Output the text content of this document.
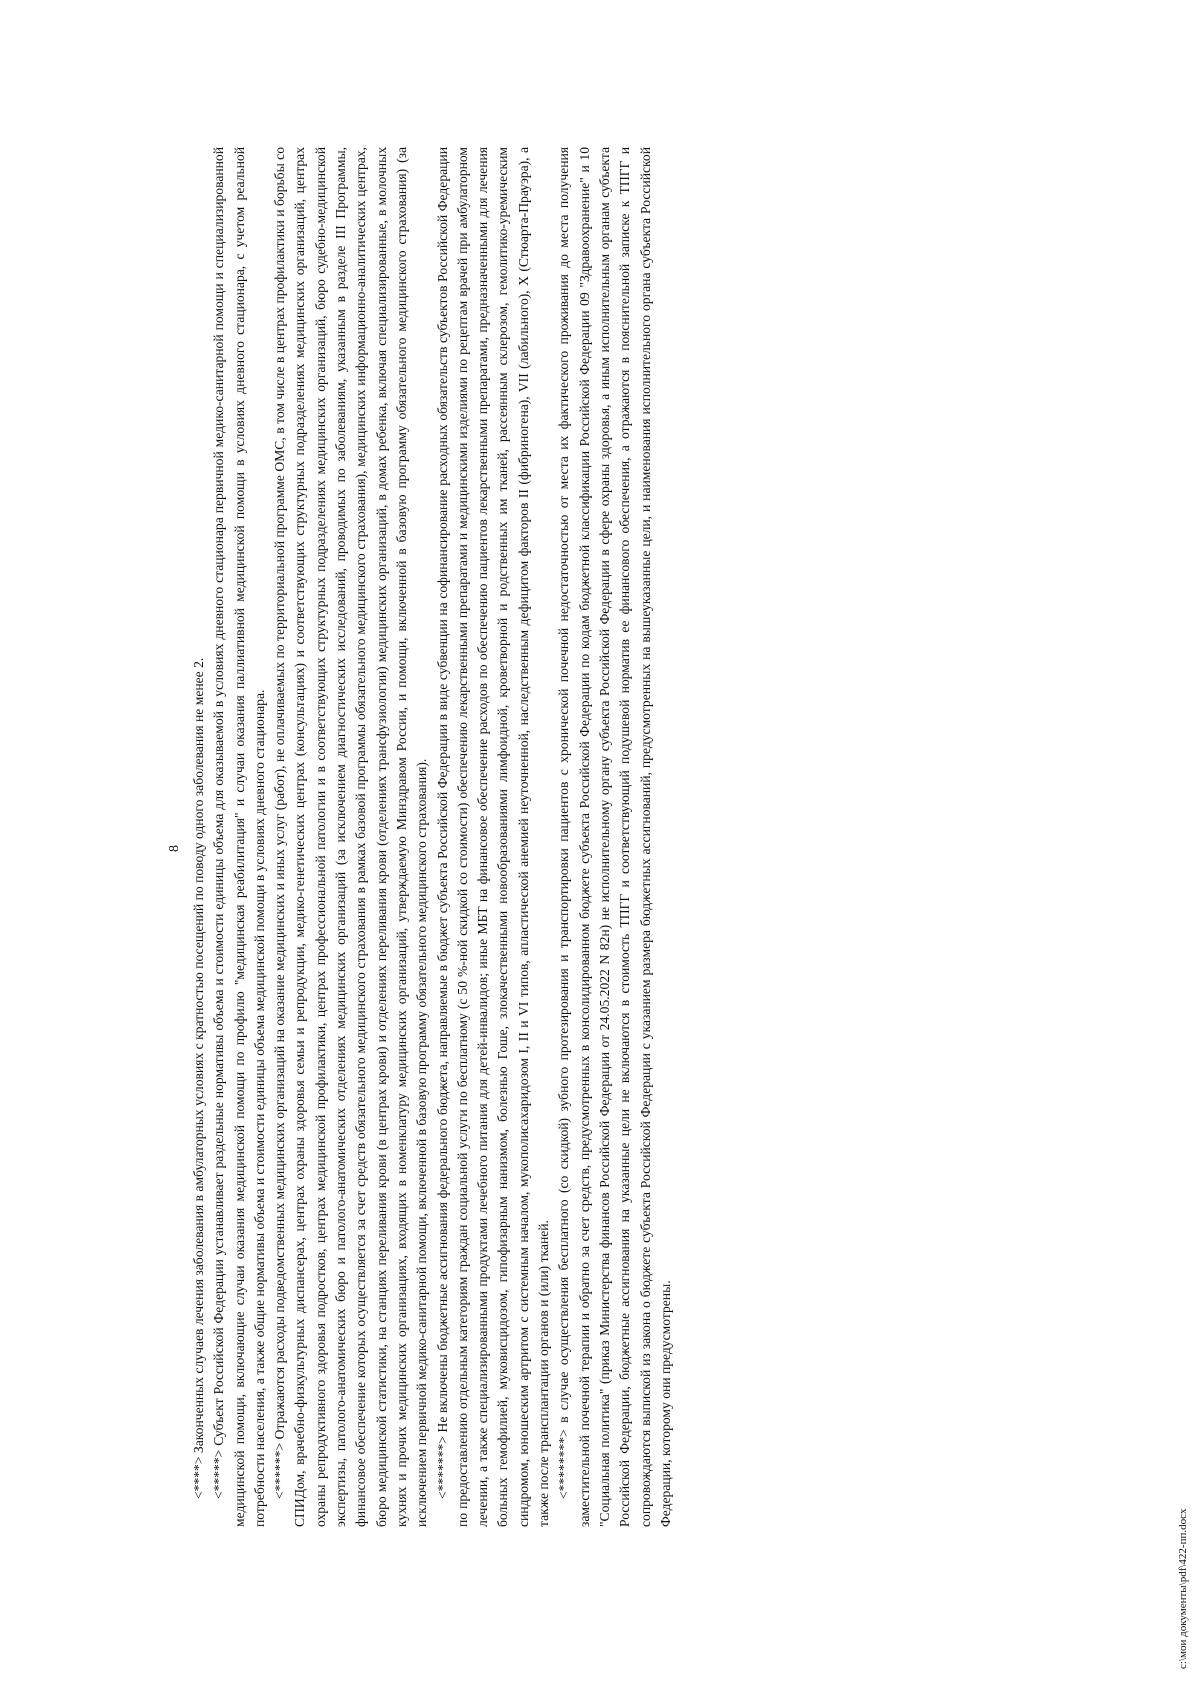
8 <****> Законченных случаев лечения заболевания в амбулаторных условиях с кратностью посещений по поводу одного заболевания не менее 2. <*****> Субъект Российской Федерации устанавливает раздельные нормативы объема и стоимости единицы объема для оказываемой в условиях дневного стационара первичной медико-санитарной помощи и специализированной медицинской помощи, включающие случаи оказания медицинской помощи по профилю "медицинская реабилитация" и случаи оказания паллиативной медицинской помощи в условиях дневного стационара, с учетом реальной потребности населения, а также общие нормативы объема и стоимости единицы объема медицинской помощи в условиях дневного стационара. <******> Отражаются расходы подведомственных медицинских организаций на оказание медицинских и иных услуг (работ), не оплачиваемых по территориальной программе ОМС, в том числе в центрах профилактики и борьбы со СПИДом, врачебно-физкультурных диспансерах, центрах охраны здоровья семьи и репродукции, медико-генетических центрах (консультациях) и соответствующих структурных подразделениях медицинских организаций, центрах охраны репродуктивного здоровья подростков, центрах медицинской профилактики, центрах профессиональной патологии и в соответствующих структурных подразделениях медицинских организаций, бюро судебно-медицинской экспертизы, патолого-анатомических бюро и патолого-анатомических отделениях медицинских организаций (за исключением диагностических исследований, проводимых по заболеваниям, указанным в разделе III Программы, финансовое обеспечение которых осуществляется за счет средств обязательного медицинского страхования в рамках базовой программы обязательного медицинского страхования), медицинских информационно-аналитических центрах, бюро медицинской статистики, на станциях переливания крови (в центрах крови) и отделениях переливания крови (отделениях трансфузиологии) медицинских организаций, в домах ребенка, включая специализированные, в молочных кухнях и прочих медицинских организациях, входящих в номенклатуру медицинских организаций, утверждаемую Минздравом России, и помощи, включенной в базовую программу обязательного медицинского страхования) (за исключением первичной медико-санитарной помощи, включенной в базовую программу обязательного медицинского страхования). <*******> Не включены бюджетные ассигнования федерального бюджета, направляемые в бюджет субъекта Российской Федерации в виде субвенции на софинансирование расходных обязательств субъектов Российской Федерации по предоставлению отдельным категориям граждан социальной услуги по бесплатному (с 50 %-ной скидкой со стоимости) обеспечению лекарственными препаратами и медицинскими изделиями по рецептам врачей при амбулаторном лечении, а также специализированными продуктами лечебного питания для детей-инвалидов; иные МБТ на финансовое обеспечение расходов по обеспечению пациентов лекарственными препаратами, предназначенными для лечения больных гемофилией, муковисцидозом, гипофизарным нанизмом, болезнью Гоше, злокачественными новообразованиями лимфоидной, кроветворной и родственных им тканей, рассеянным склерозом, гемолитико-уремическим синдромом, юношеским артритом с системным началом, мукополисахаридозом I, II и VI типов, апластической анемией неуточненной, наследственным дефицитом факторов II (фибриногена), VII (лабильного), X (Стюарта-Прауэра), а также после трансплантации органов и (или) тканей. <********> в случае осуществления бесплатного (со скидкой) зубного протезирования и транспортировки пациентов с хронической почечной недостаточностью от места их фактического проживания до места получения заместительной почечной терапии и обратно за счет средств, предусмотренных в консолидированном бюджете субъекта Российской Федерации по кодам бюджетной классификации Российской Федерации 09 "Здравоохранение" и 10 "Социальная политика" (приказ Министерства финансов Российской Федерации от 24.05.2022 N 82н) не исполнительному органу субъекта Российской Федерации в сфере охраны здоровья, а иным исполнительным органам субъекта Российской Федерации, бюджетные ассигнования на указанные цели не включаются в стоимость ТПГГ и соответствующий подушевой норматив ее финансового обеспечения, а отражаются в пояснительной записке к ТПГГ и сопровождаются выпиской из закона о бюджете субъекта Российской Федерации с указанием размера бюджетных ассигнований, предусмотренных на вышеуказанные цели, и наименования исполнительного органа субъекта Российской Федерации, которому они предусмотрены.

c:\мои документы\pdf\422-пп.docx
